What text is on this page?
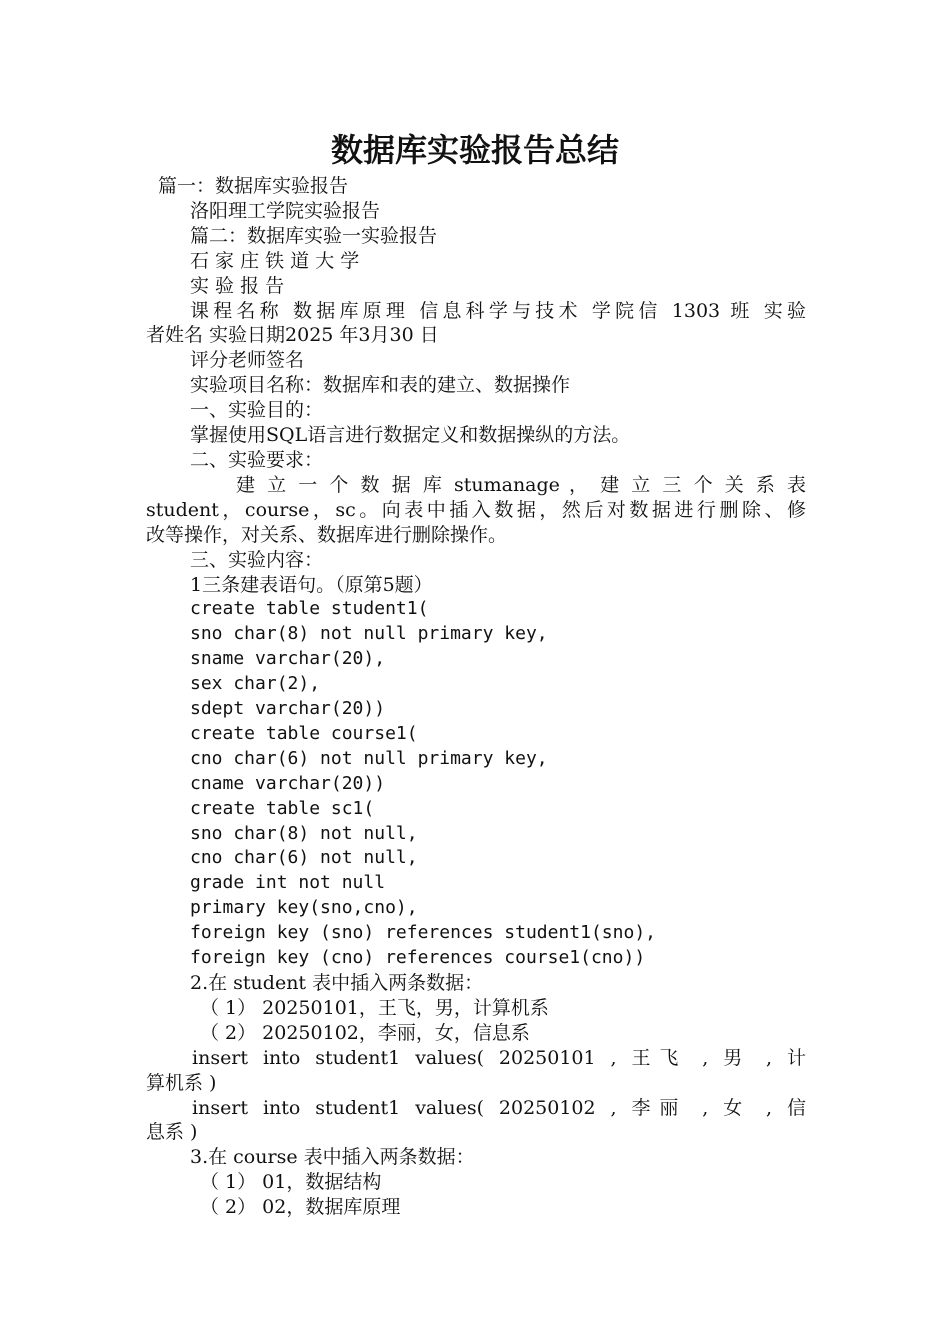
数据库实验报告总结
篇一：数据库实验报告
洛阳理工学院实验报告
篇二：数据库实验一实验报告
石 家 庄 铁 道 大 学
实 验 报 告
课程名称 数据库原理 信息科学与技术 学院信 1303 班 实验
者姓名 实验日期2025 年3月30 日
评分老师签名
实验项目名称：数据库和表的建立、数据操作
一、实验目的：
掌握使用SQL语言进行数据定义和数据操纵的方法。
二、实验要求：
建 立 一 个 数 据 库 stumanage ， 建 立 三 个 关 系 表
student，course，sc。向表中插入数据，然后对数据进行删除、修
改等操作，对关系、数据库进行删除操作。
三、实验内容：
1三条建表语句。（原第5题）
create table student1(
sno char(8) not null primary key,
sname varchar(20),
sex char(2),
sdept varchar(20))
create table course1(
cno char(6) not null primary key,
cname varchar(20))
create table sc1(
sno char(8) not null,
cno char(6) not null,
grade int not null
primary key(sno,cno),
foreign key (sno) references student1(sno),
foreign key (cno) references course1(cno))
2.在 student 表中插入两条数据：
（ 1） 20250101，王飞，男，计算机系
（ 2） 20250102，李丽，女，信息系
insert into student1 values( 20250101 , 王飞 , 男 , 计
算机系 )
insert into student1 values( 20250102 , 李丽 , 女 , 信
息系 )
3.在 course 表中插入两条数据：
（ 1） 01，数据结构
（ 2） 02，数据库原理
